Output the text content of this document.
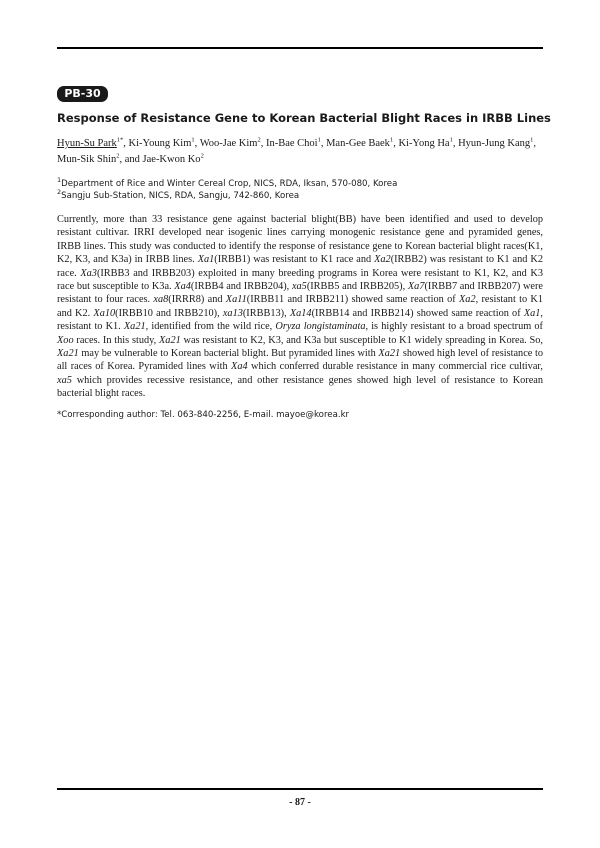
PB-30
Response of Resistance Gene to Korean Bacterial Blight Races in IRBB Lines
Hyun-Su Park$^{1*}$, Ki-Young Kim$^1$, Woo-Jae Kim$^2$, In-Bae Choi$^1$, Man-Gee Baek$^1$, Ki-Yong Ha$^1$, Hyun-Jung Kang$^1$, Mun-Sik Shin$^2$, and Jae-Kwon Ko$^2$
$^1$Department of Rice and Winter Cereal Crop, NICS, RDA, Iksan, 570-080, Korea
$^2$Sangju Sub-Station, NICS, RDA, Sangju, 742-860, Korea

Currently, more than 33 resistance gene against bacterial blight(BB) have been identified and used to develop resistant cultivar. IRRI developed near isogenic lines carrying monogenic resistance gene and pyramided genes, IRBB lines. This study was conducted to identify the response of resistance gene to Korean bacterial blight races(K1, K2, K3, and K3a) in IRBB lines. Xa1(IRBB1) was resistant to K1 race and Xa2(IRBB2) was resistant to K1 and K2 race. Xa3(IRBB3 and IRBB203) exploited in many breeding programs in Korea were resistant to K1, K2, and K3 race but susceptible to K3a. Xa4(IRBB4 and IRBB204), xa5(IRBB5 and IRBB205), Xa7(IRBB7 and IRBB207) were resistant to four races. xa8(IRRR8) and Xa11(IRBB11 and IRBB211) showed same reaction of Xa2, resistant to K1 and K2. Xa10(IRBB10 and IRBB210), xa13(IRBB13), Xa14(IRBB14 and IRBB214) showed same reaction of Xa1, resistant to K1. Xa21, identified from the wild rice, Oryza longistaminata, is highly resistant to a broad spectrum of Xoo races. In this study, Xa21 was resistant to K2, K3, and K3a but susceptible to K1 widely spreading in Korea. So, Xa21 may be vulnerable to Korean bacterial blight. But pyramided lines with Xa21 showed high level of resistance to all races of Korea. Pyramided lines with Xa4 which conferred durable resistance in many commercial rice cultivar, xa5 which provides recessive resistance, and other resistance genes showed high level of resistance to Korean bacterial blight races.

*Corresponding author: Tel. 063-840-2256, E-mail. mayoe@korea.kr
- 87 -
